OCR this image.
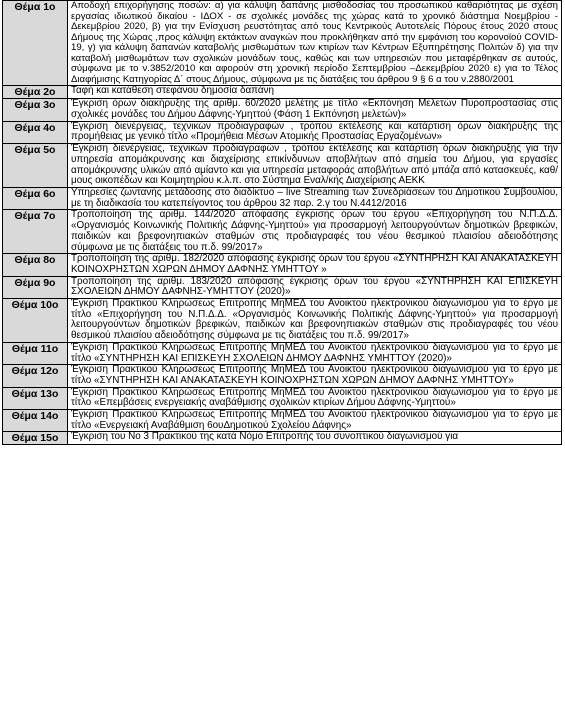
Θέμα 1ο	Αποδοχή επιχορήγησης ποσών: α) για κάλυψη δαπάνης μισθοδοσίας του προσωπικού καθαριότητας με σχέση εργασίας ιδιωτικού δικαίου - ΙΔΟΧ - σε σχολικές μονάδες της χώρας κατά το χρονικό διάστημα Νοεμβρίου - Δεκεμβρίου 2020, β) για την Ενίσχυση ρευστότητας από τους Κεντρικούς Αυτοτελείς Πόρους έτους 2020 στους Δήμους της Χώρας ,προς κάλυψη εκτάκτων αναγκών που προκλήθηκαν από την εμφάνιση του κορονοϊού COVID-19, γ) για κάλυψη δαπανών καταβολής μισθωμάτων των κτιρίων των Κέντρων Εξυπηρέτησης Πολιτών δ) για την καταβολή μισθωμάτων των σχολικών μονάδων τους, καθώς και των υπηρεσιών που μεταφέρθηκαν σε αυτούς, σύμφωνα με το ν.3852/2010 και αφορούν στη χρονική περίοδο Σεπτεμβρίου –Δεκεμβρίου 2020 ε) για το Τέλος Διαφήμισης Κατηγορίας Δ΄ στους Δήμους, σύμφωνα με τις διατάξεις του άρθρου 9 § 6 α του ν.2880/2001
Θέμα 2ο	Ταφή και κατάθεση στεφάνου δημοσία δαπάνη
Θέμα 3ο	Έγκριση όρων διακήρυξης της αριθμ. 60/2020 μελέτης με τίτλο «Εκπόνηση Μελετών Πυροπροστασίας στις σχολικές μονάδες του Δήμου Δάφνης-Υμηττού (Φάση 1 Εκπόνηση μελετών)»
Θέμα 4ο	Έγκριση διενέργειας, τεχνικών προδιαγραφών , τρόπου εκτέλεσης και κατάρτιση όρων διακήρυξης της προμήθειας με γενικό τίτλο «Προμήθεια Μέσων Ατομικής Προστασίας Εργαζομένων»
Θέμα 5ο	Έγκριση διενέργειας, τεχνικών προδιαγραφών , τρόπου εκτέλεσης και κατάρτιση όρων διακήρυξης για την υπηρεσία απομάκρυνσης και διαχείρισης επικίνδυνων αποβλήτων από σημεία του Δήμου, για εργασίες απομάκρυνσης υλικών από αμίαντο και για υπηρεσία μεταφοράς αποβλήτων από μπάζα από κατασκευές, καθ/μους οικοπέδων και Κοιμητηρίου κ.λ.π. στο Σύστημα Εναλ/κής Διαχείρισης ΑΕΚΚ
Θέμα 6ο	Υπηρεσίες ζωντανής μετάδοσης στο διαδίκτυο – live Streaming των Συνεδριάσεων του Δημοτικού Συμβουλίου, με τη διαδικασία του κατεπείγοντος του άρθρου 32 παρ. 2.γ του Ν.4412/2016
Θέμα 7ο	Τροποποίηση της αριθμ. 144/2020 απόφασης έγκρισης όρων του έργου «Επιχορήγηση του Ν.Π.Δ.Δ. «Οργανισμός Κοινωνικής Πολιτικής Δάφνης-Υμηττού» για προσαρμογή λειτουργούντων δημοτικών βρεφικών, παιδικών και βρεφονηπιακών σταθμών στις προδιαγραφές του νέου θεσμικού πλαισίου αδειοδότησης σύμφωνα με τις διατάξεις του π.δ. 99/2017»
Θέμα 8ο	Τροποποίηση της αριθμ. 182/2020 απόφασης έγκρισης όρων του έργου «ΣΥΝΤΗΡΗΣΗ ΚΑΙ ΑΝΑΚΑΤΑΣΚΕΥΗ ΚΟΙΝΟΧΡΗΣΤΩΝ ΧΩΡΩΝ ΔΗΜΟΥ ΔΑΦΝΗΣ ΥΜΗΤΤΟΥ »
Θέμα 9ο	Τροποποίηση της αριθμ. 183/2020 απόφασης έγκρισης όρων του έργου «ΣΥΝΤΗΡΗΣΗ ΚΑΙ ΕΠΙΣΚΕΥΗ ΣΧΟΛΕΙΩΝ ΔΗΜΟΥ ΔΑΦΝΗΣ-ΥΜΗΤΤΟΥ (2020)»
Θέμα 10ο	Έγκριση Πρακτικού Κληρώσεως Επιτροπής ΜηΜΕΔ του Ανοικτού ηλεκτρονικού διαγωνισμού για το έργο με τίτλο «Επιχορήγηση του Ν.Π.Δ.Δ. «Οργανισμός Κοινωνικής Πολιτικής Δάφνης-Υμηττού» για προσαρμογή λειτουργούντων δημοτικών βρεφικών, παιδικών και βρεφονηπιακών σταθμών στις προδιαγραφές του νέου θεσμικού πλαισίου αδειοδότησης σύμφωνα με τις διατάξεις του π.δ. 99/2017»
Θέμα 11ο	Έγκριση Πρακτικού Κληρώσεως Επιτροπής ΜηΜΕΔ του Ανοικτού ηλεκτρονικού διαγωνισμού για το έργο με τίτλο «ΣΥΝΤΗΡΗΣΗ ΚΑΙ ΕΠΙΣΚΕΥΗ ΣΧΟΛΕΙΩΝ ΔΗΜΟΥ ΔΑΦΝΗΣ ΥΜΗΤΤΟΥ (2020)»
Θέμα 12ο	Έγκριση Πρακτικού Κληρώσεως Επιτροπής ΜηΜΕΔ του Ανοικτού ηλεκτρονικού διαγωνισμού για το έργο με τίτλο «ΣΥΝΤΗΡΗΣΗ ΚΑΙ ΑΝΑΚΑΤΑΣΚΕΥΗ ΚΟΙΝΟΧΡΗΣΤΩΝ ΧΩΡΩΝ ΔΗΜΟΥ ΔΑΦΝΗΣ ΥΜΗΤΤΟΥ»
Θέμα 13ο	Έγκριση Πρακτικού Κληρώσεως Επιτροπής ΜηΜΕΔ του Ανοικτού ηλεκτρονικού διαγωνισμού για το έργο με τίτλο «Επεμβάσεις ενεργειακής αναβάθμισης σχολικών κτιρίων Δήμου Δάφνης-Υμηττού»
Θέμα 14ο	Έγκριση Πρακτικού Κληρώσεως Επιτροπής ΜηΜΕΔ του Ανοικτού ηλεκτρονικού διαγωνισμού για το έργο με τίτλο «Ενεργειακή Αναβάθμιση 6ουΔημοτικού Σχολείου Δάφνης»
Θέμα 15ο	Έγκριση του Νο 3 Πρακτικού της κατά Νόμο Επιτροπής του συνοπτικού διαγωνισμού για
